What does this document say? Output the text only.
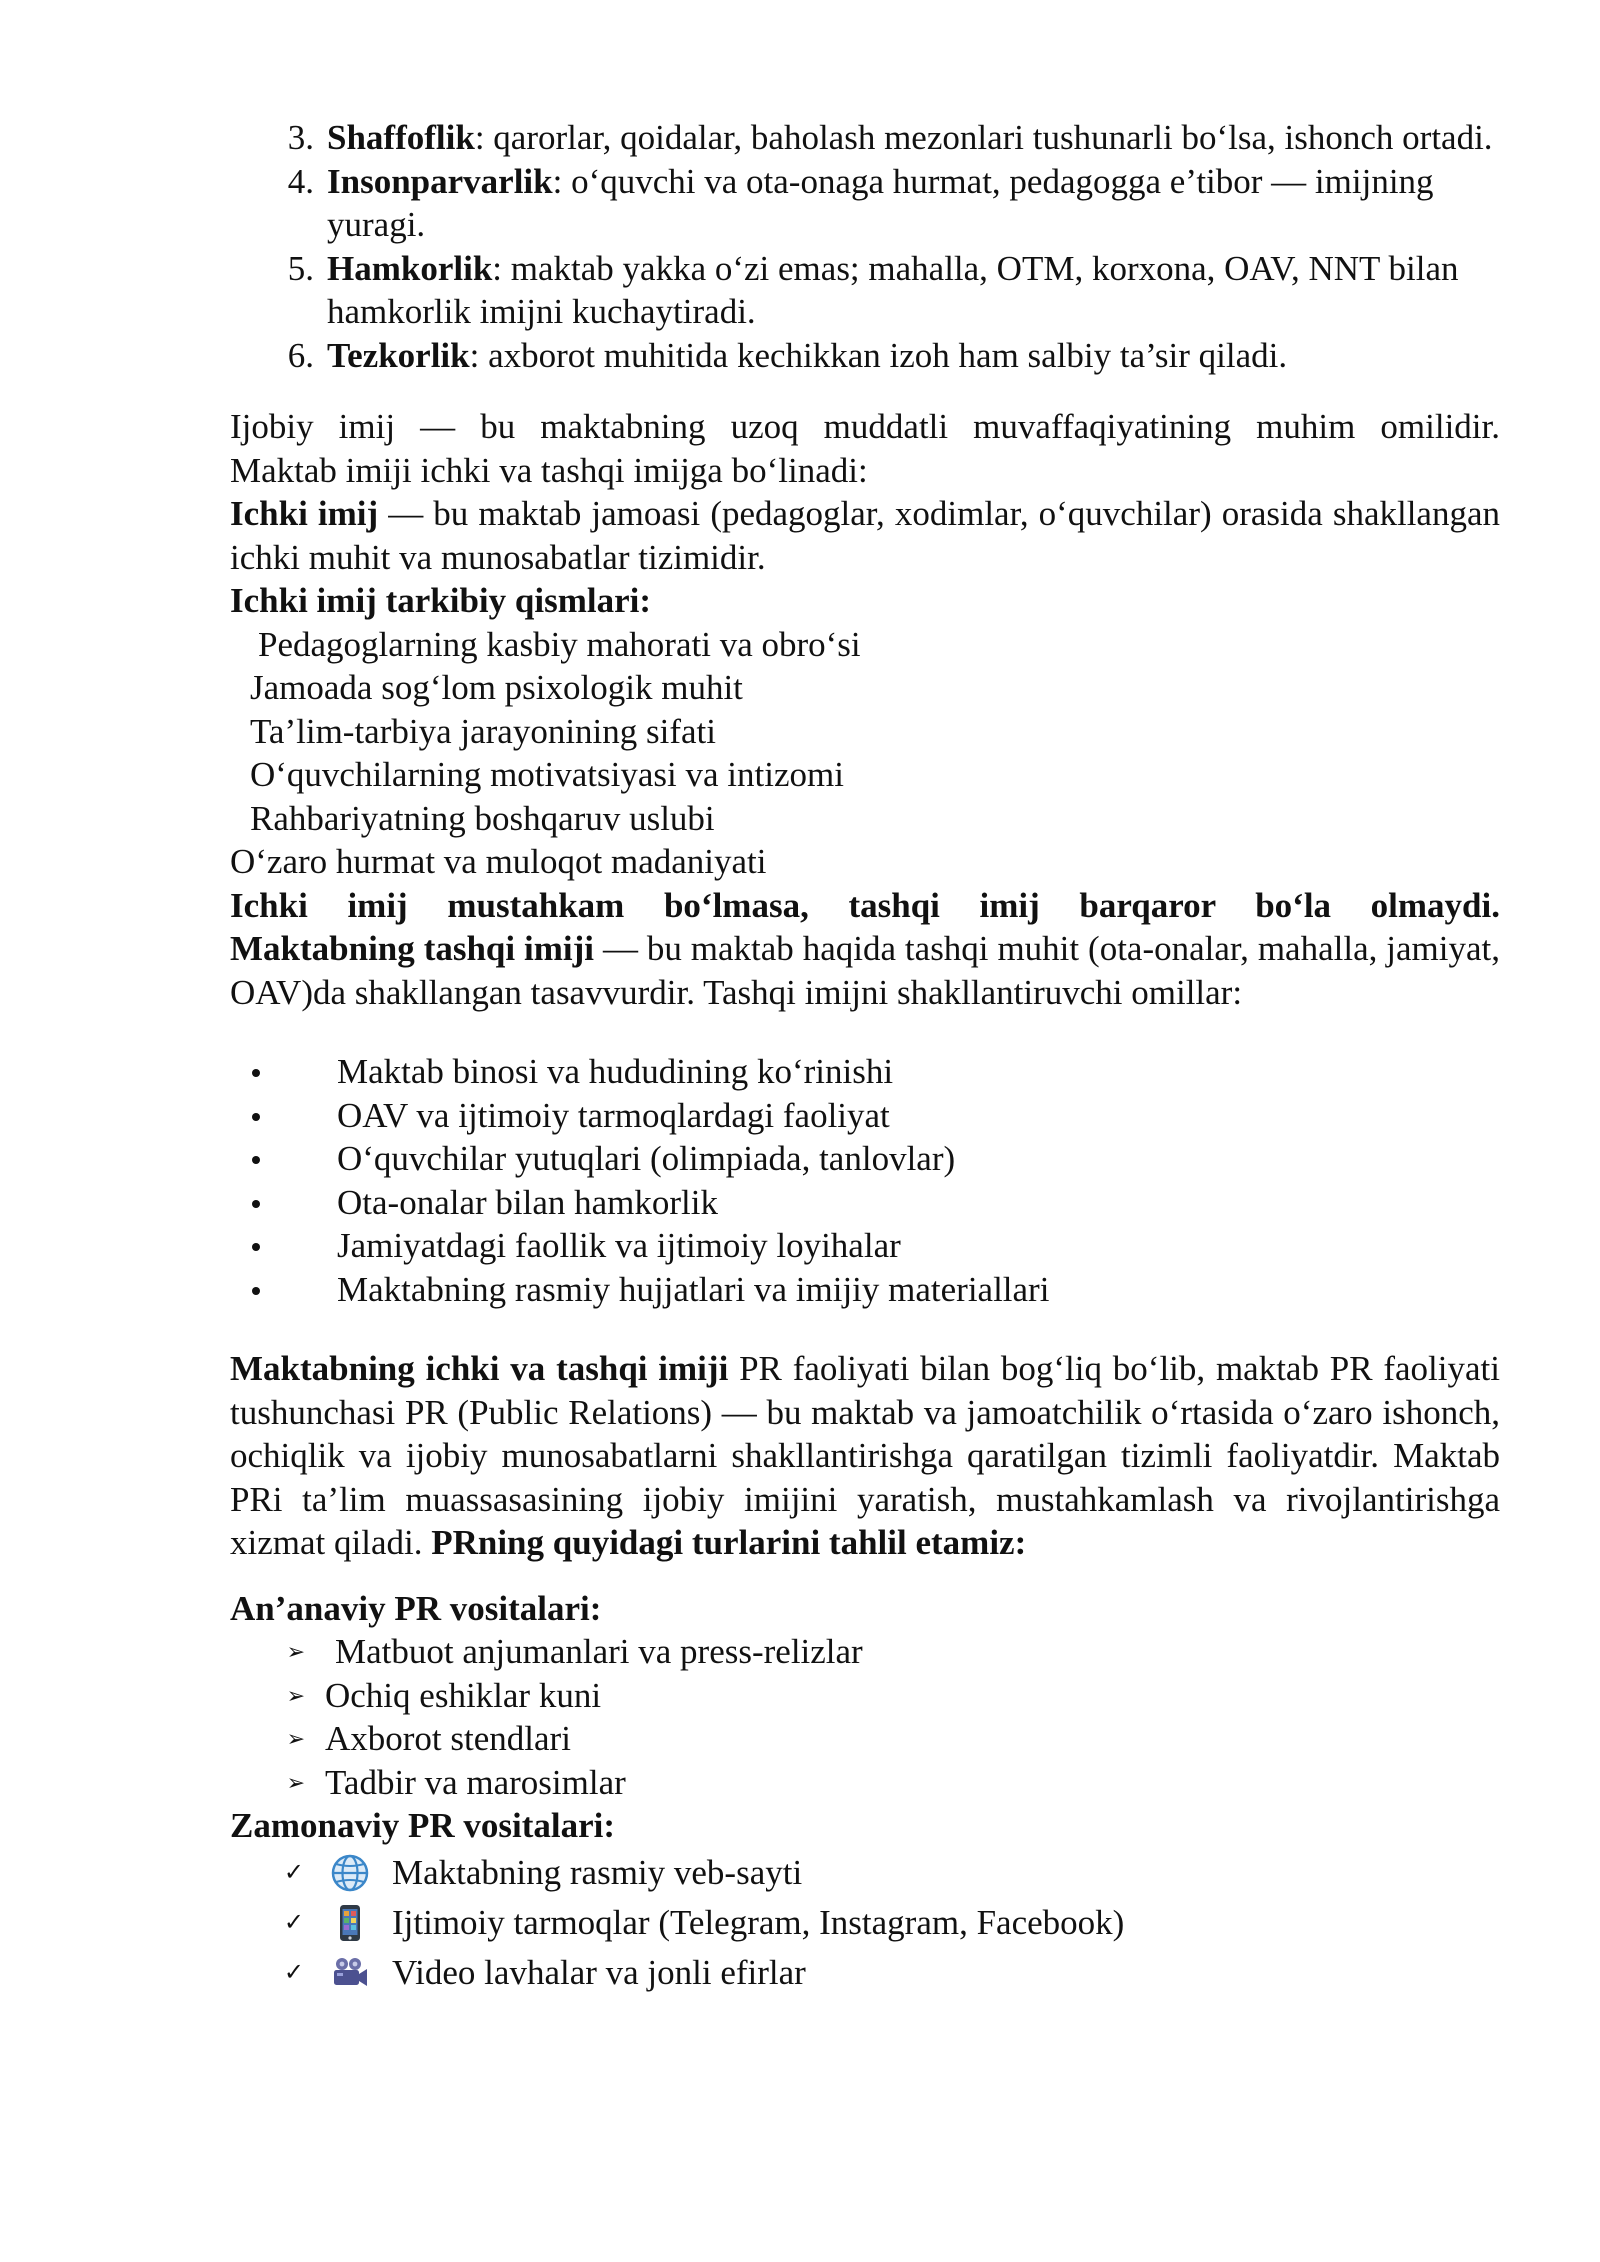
3. Shaffoflik: qarorlar, qoidalar, baholash mezonlari tushunarli bo‘lsa, ishonch ortadi.
4. Insonparvarlik: o‘quvchi va ota-onaga hurmat, pedagogga e’tibor — imijning yuragi.
5. Hamkorlik: maktab yakka o‘zi emas; mahalla, OTM, korxona, OAV, NNT bilan hamkorlik imijni kuchaytiradi.
6. Tezkorlik: axborot muhitida kechikkan izoh ham salbiy ta’sir qiladi.

Ijobiy imij — bu maktabning uzoq muddatli muvaffaqiyatining muhim omilidir.

Maktab imiji ichki va tashqi imijga bo‘linadi:

Ichki imij — bu maktab jamoasi (pedagoglar, xodimlar, o‘quvchilar) orasida shakllangan ichki muhit va munosabatlar tizimidir.

Ichki imij tarkibiy qismlari:

Pedagoglarning kasbiy mahorati va obro‘si
Jamoada sog‘lom psixologik muhit
Ta’lim-tarbiya jarayonining sifati
O‘quvchilarning motivatsiyasi va intizomi
Rahbariyatning boshqaruv uslubi
O‘zaro hurmat va muloqot madaniyati

Ichki imij mustahkam bo‘lmasa, tashqi imij barqaror bo‘la olmaydi.

Maktabning tashqi imiji — bu maktab haqida tashqi muhit (ota-onalar, mahalla, jamiyat, OAV)da shakllangan tasavvurdir. Tashqi imijni shakllantiruvchi omillar:

Maktab binosi va hududining ko‘rinishi
OAV va ijtimoiy tarmoqlardagi faoliyat
O‘quvchilar yutuqlari (olimpiada, tanlovlar)
Ota-onalar bilan hamkorlik
Jamiyatdagi faollik va ijtimoiy loyihalar
Maktabning rasmiy hujjatlari va imijiy materiallari

Maktabning ichki va tashqi imiji PR faoliyati bilan bog‘liq bo‘lib, maktab PR faoliyati tushunchasi PR (Public Relations) — bu maktab va jamoatchilik o‘rtasida o‘zaro ishonch, ochiqlik va ijobiy munosabatlarni shakllantirishga qaratilgan tizimli faoliyatdir. Maktab PRi ta’lim muassasasining ijobiy imijini yaratish, mustahkamlash va rivojlantirishga xizmat qiladi. PRning quyidagi turlarini tahlil etamiz:

An’anaviy PR vositalari:

➢ Matbuot anjumanlari va press-relizlar
➢ Ochiq eshiklar kuni
➢ Axborot stendlari
➢ Tadbir va marosimlar

Zamonaviy PR vositalari:

✓	Maktabning rasmiy veb-sayti
✓	Ijtimoiy tarmoqlar (Telegram, Instagram, Facebook)
✓	Video lavhalar va jonli efirlar
